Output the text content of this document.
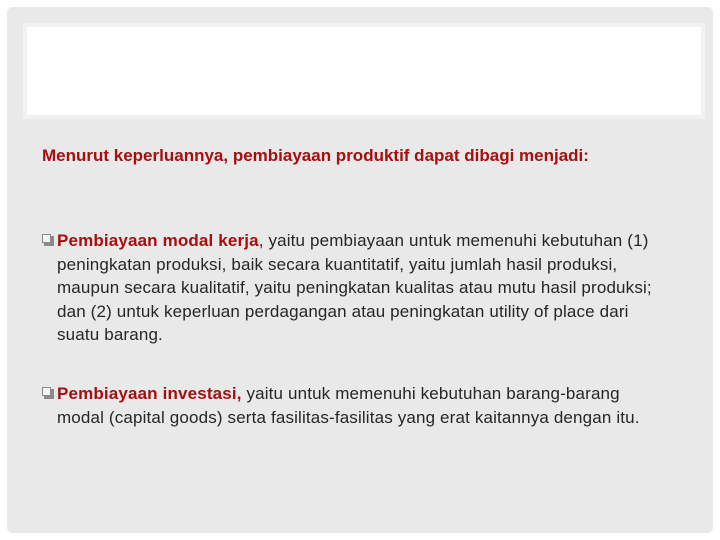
Menurut keperluannya, pembiayaan produktif dapat dibagi menjadi:

Pembiayaan modal kerja, yaitu pembiayaan untuk memenuhi kebutuhan (1) peningkatan produksi, baik secara kuantitatif, yaitu jumlah hasil produksi, maupun secara kualitatif, yaitu peningkatan kualitas atau mutu hasil produksi; dan (2) untuk keperluan perdagangan atau peningkatan utility of place dari suatu barang.
Pembiayaan investasi, yaitu untuk memenuhi kebutuhan barang-barang modal (capital goods) serta fasilitas-fasilitas yang erat kaitannya dengan itu.
